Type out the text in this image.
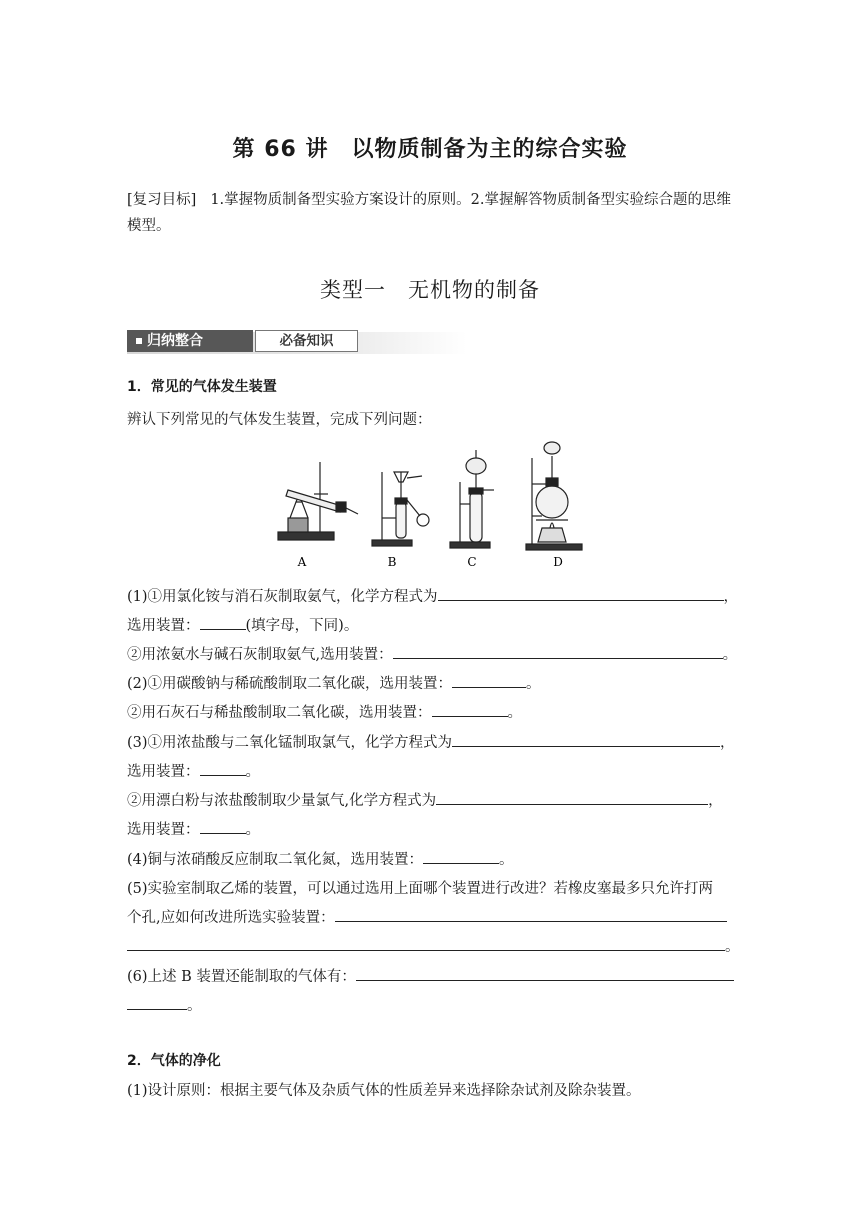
第 66 讲　以物质制备为主的综合实验
[复习目标] 1.掌握物质制备型实验方案设计的原则。2.掌握解答物质制备型实验综合题的思维模型。
类型一　无机物的制备
归纳整合	必备知识
1．常见的气体发生装置
辨认下列常见的气体发生装置，完成下列问题：
A	B	C	D
(1)①用氯化铵与消石灰制取氨气，化学方程式为	，
选用装置：	(填字母，下同)。
②用浓氨水与碱石灰制取氨气,选用装置：	。
(2)①用碳酸钠与稀硫酸制取二氧化碳，选用装置：	。
②用石灰石与稀盐酸制取二氧化碳，选用装置：	。
(3)①用浓盐酸与二氧化锰制取氯气，化学方程式为	，
选用装置：	。
②用漂白粉与浓盐酸制取少量氯气,化学方程式为	，
选用装置：	。
(4)铜与浓硝酸反应制取二氧化氮，选用装置：	。
(5)实验室制取乙烯的装置，可以通过选用上面哪个装置进行改进？若橡皮塞最多只允许打两
个孔,应如何改进所选实验装置：
。
(6)上述 B 装置还能制取的气体有：
。
2．气体的净化
(1)设计原则：根据主要气体及杂质气体的性质差异来选择除杂试剂及除杂装置。
